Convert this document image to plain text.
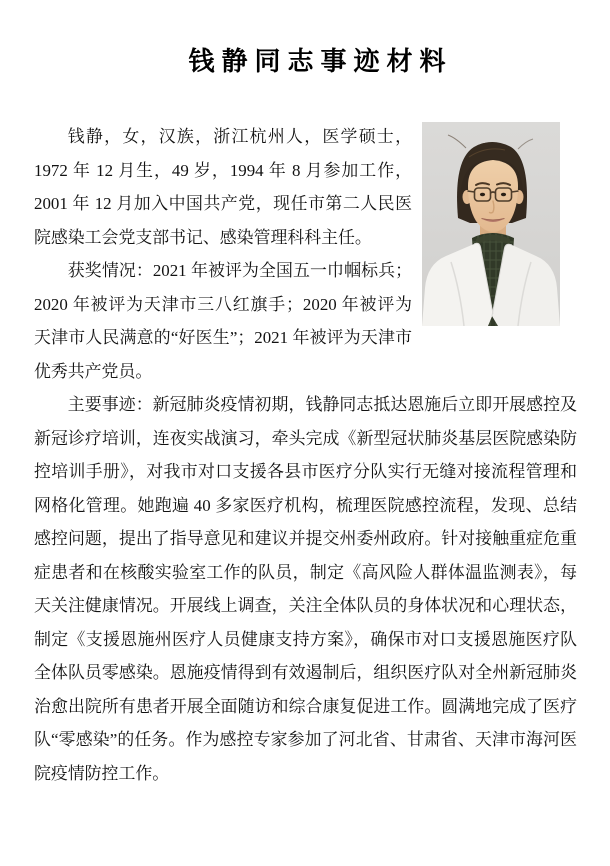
钱静同志事迹材料

钱静，女，汉族，浙江杭州人，医学硕士，1972 年 12 月生，49 岁，1994 年 8 月参加工作，2001 年 12 月加入中国共产党，现任市第二人民医院感染工会党支部书记、感染管理科科主任。

获奖情况：2021 年被评为全国五一巾帼标兵；2020 年被评为天津市三八红旗手；2020 年被评为天津市人民满意的“好医生”；2021 年被评为天津市优秀共产党员。

主要事迹：新冠肺炎疫情初期，钱静同志抵达恩施后立即开展感控及新冠诊疗培训，连夜实战演习，牵头完成《新型冠状肺炎基层医院感染防控培训手册》，对我市对口支援各县市医疗分队实行无缝对接流程管理和网格化管理。她跑遍 40 多家医疗机构，梳理医院感控流程，发现、总结感控问题，提出了指导意见和建议并提交州委州政府。针对接触重症危重症患者和在核酸实验室工作的队员，制定《高风险人群体温监测表》，每天关注健康情况。开展线上调查，关注全体队员的身体状况和心理状态，制定《支援恩施州医疗人员健康支持方案》，确保市对口支援恩施医疗队全体队员零感染。恩施疫情得到有效遏制后，组织医疗队对全州新冠肺炎治愈出院所有患者开展全面随访和综合康复促进工作。圆满地完成了医疗队“零感染”的任务。作为感控专家参加了河北省、甘肃省、天津市海河医院疫情防控工作。
